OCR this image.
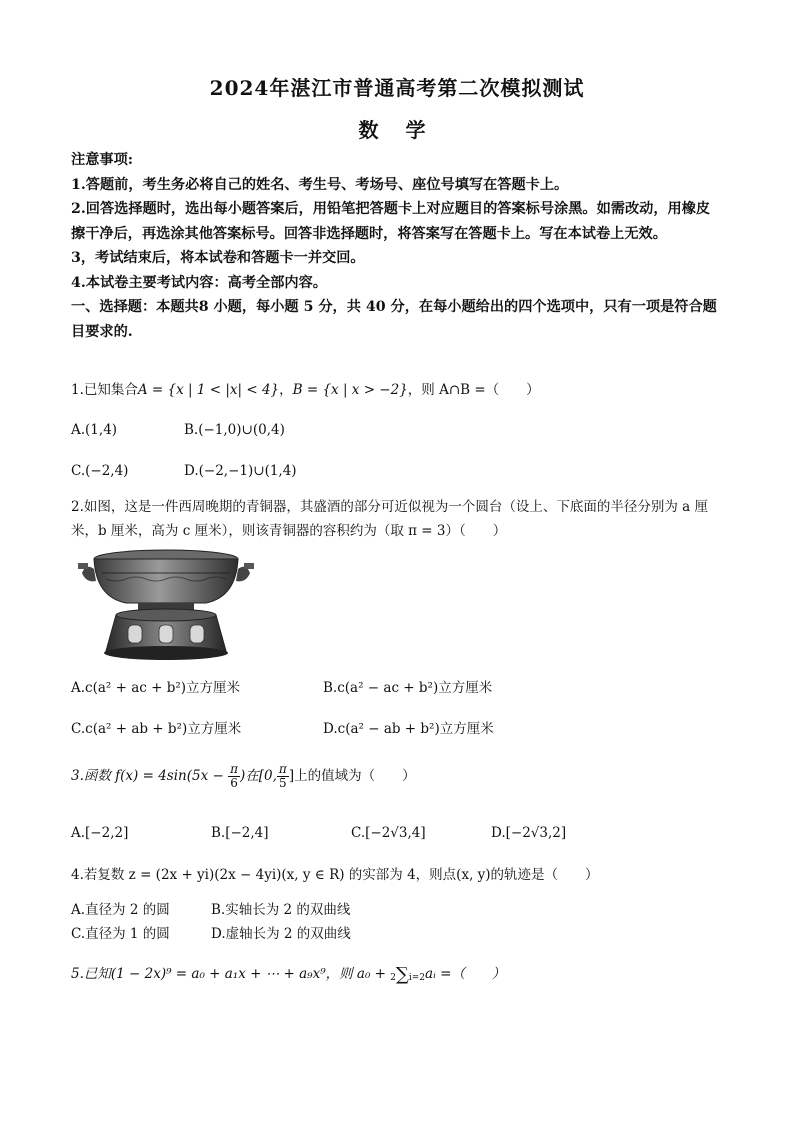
2024年湛江市普通高考第二次模拟测试
数 学

注意事项:

1.答题前，考生务必将自己的姓名、考生号、考场号、座位号填写在答题卡上。

2.回答选择题时，选出每小题答案后，用铅笔把答题卡上对应题目的答案标号涂黑。如需改动，用橡皮擦干净后，再选涂其他答案标号。回答非选择题时，将答案写在答题卡上。写在本试卷上无效。

3，考试结束后，将本试卷和答题卡一并交回。

4.本试卷主要考试内容：高考全部内容。

一、选择题：本题共8 小题，每小题 5 分，共 40 分，在每小题给出的四个选项中，只有一项是符合题目要求的.

1.已知集合A = {x | 1 < |x| < 4}，B = {x | x > −2}，则 A∩B =（　　）
A.(1,4)	B.(−1,0)∪(0,4)
C.(−2,4)	D.(−2,−1)∪(1,4)
2.如图，这是一件西周晚期的青铜器，其盛酒的部分可近似视为一个圆台（设上、下底面的半径分别为 a 厘米，b 厘米，高为 c 厘米），则该青铜器的容积约为（取 π = 3）（　　）
A.c(a² + ac + b²)立方厘米	B.c(a² − ac + b²)立方厘米
C.c(a² + ab + b²)立方厘米	D.c(a² − ab + b²)立方厘米
3.函数 $f(x) = 4\sin(5x - \frac{\pi}{6}$ )在[0, $\frac{\pi}{5}$ ]上的值域为（　　）
A.[−2,2]	B.[−2,4]	C.[−2√3,4]	D.[−2√3,2]
4.若复数 z = (2x + yi)(2x − 4yi)(x, y ∈ R) 的实部为 4，则点(x, y)的轨迹是（　　）
A.直径为 2 的圆	B.实轴长为 2 的双曲线
C.直径为 1 的圆	D.虚轴长为 2 的双曲线
5.已知(1 − 2x)⁹ = a₀ + a₁x + ⋯ + a₉x⁹，则 a₀ + 2∑i=2aᵢ =（　　）
